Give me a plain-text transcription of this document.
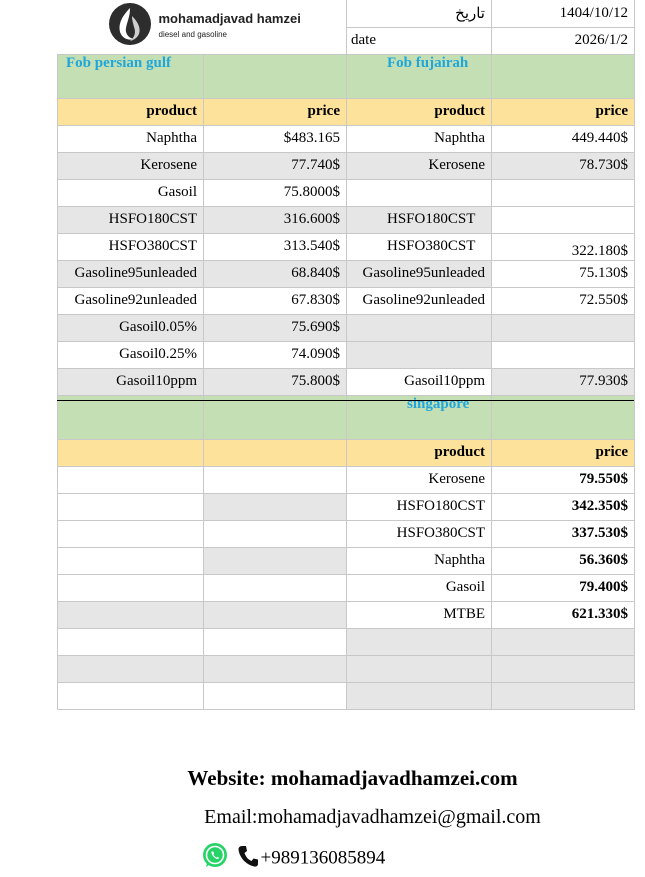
mohamadjavad hamzei
diesel and gasoline		تاریخ	1404/10/12
		date	2026/1/2
Fob persian gulf		Fob fujairah	
product	price	product	price
Naphtha	$483.165	Naphtha	449.440$
Kerosene	77.740$	Kerosene	78.730$
Gasoil	75.8000$		
HSFO180CST	316.600$	HSFO180CST	
HSFO380CST	313.540$	HSFO380CST	322.180$
Gasoline95unleaded	68.840$	Gasoline95unleaded	75.130$
Gasoline92unleaded	67.830$	Gasoline92unleaded	72.550$
Gasoil0.05%	75.690$		
Gasoil0.25%	74.090$		
Gasoil10ppm	75.800$	Gasoil10ppm	77.930$
		singapore	
		product	price
		Kerosene	79.550$
		HSFO180CST	342.350$
		HSFO380CST	337.530$
		Naphtha	56.360$
		Gasoil	79.400$
		MTBE	621.330$

Website: mohamadjavadhamzei.com
Email:mohamadjavadhamzei@gmail.com
+989136085894
